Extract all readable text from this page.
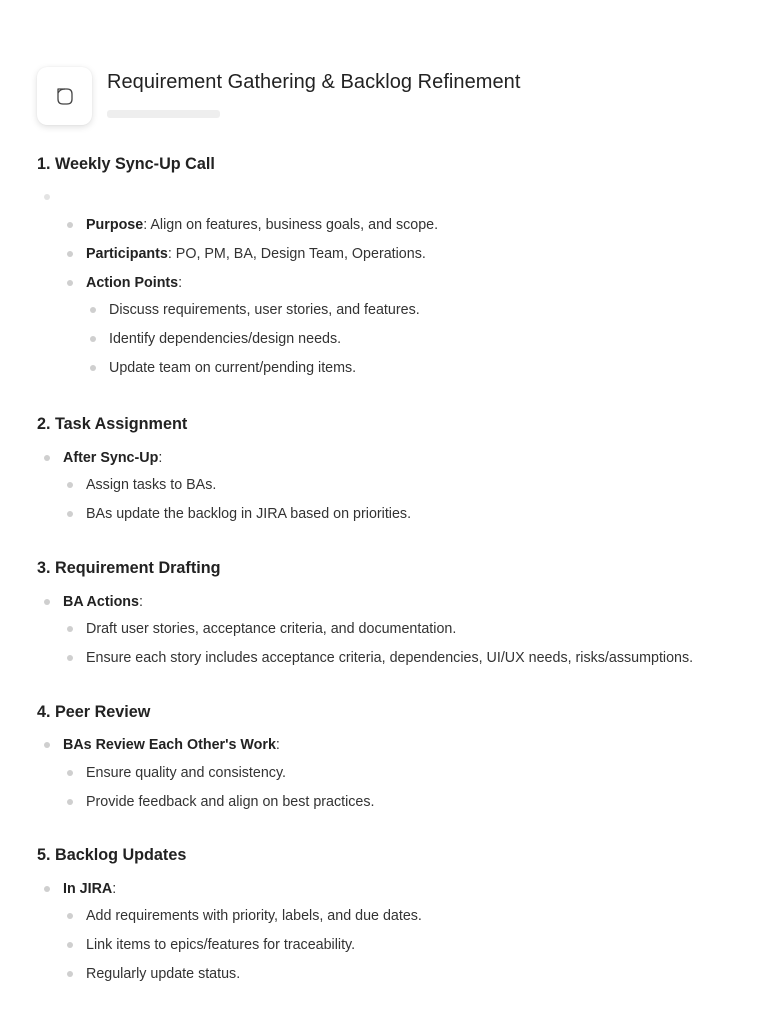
Requirement Gathering & Backlog Refinement
1. Weekly Sync-Up Call
Purpose: Align on features, business goals, and scope.
Participants: PO, PM, BA, Design Team, Operations.
Action Points:
Discuss requirements, user stories, and features.
Identify dependencies/design needs.
Update team on current/pending items.
2. Task Assignment
After Sync-Up:
Assign tasks to BAs.
BAs update the backlog in JIRA based on priorities.
3. Requirement Drafting
BA Actions:
Draft user stories, acceptance criteria, and documentation.
Ensure each story includes acceptance criteria, dependencies, UI/UX needs, risks/assumptions.
4. Peer Review
BAs Review Each Other's Work:
Ensure quality and consistency.
Provide feedback and align on best practices.
5. Backlog Updates
In JIRA:
Add requirements with priority, labels, and due dates.
Link items to epics/features for traceability.
Regularly update status.
